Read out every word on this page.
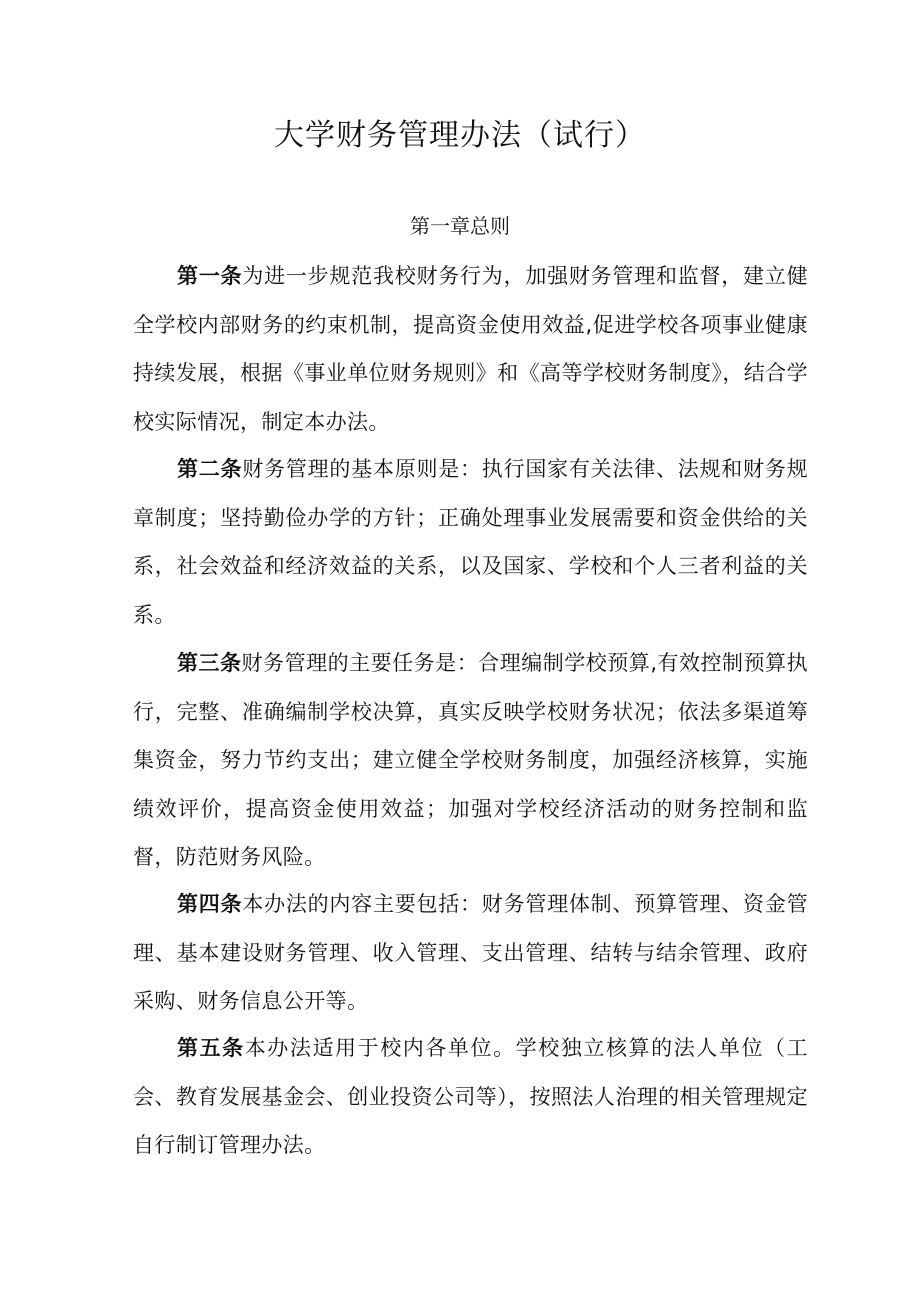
大学财务管理办法（试行）

第一章总则

第一条为进一步规范我校财务行为，加强财务管理和监督，建立健全学校内部财务的约束机制，提高资金使用效益,促进学校各项事业健康持续发展，根据《事业单位财务规则》和《高等学校财务制度》，结合学校实际情况，制定本办法。

第二条财务管理的基本原则是：执行国家有关法律、法规和财务规章制度；坚持勤俭办学的方针；正确处理事业发展需要和资金供给的关系，社会效益和经济效益的关系，以及国家、学校和个人三者利益的关系。

第三条财务管理的主要任务是：合理编制学校预算,有效控制预算执行，完整、准确编制学校决算，真实反映学校财务状况；依法多渠道筹集资金，努力节约支出；建立健全学校财务制度，加强经济核算，实施绩效评价，提高资金使用效益；加强对学校经济活动的财务控制和监督，防范财务风险。

第四条本办法的内容主要包括：财务管理体制、预算管理、资金管理、基本建设财务管理、收入管理、支出管理、结转与结余管理、政府采购、财务信息公开等。

第五条本办法适用于校内各单位。学校独立核算的法人单位（工会、教育发展基金会、创业投资公司等），按照法人治理的相关管理规定自行制订管理办法。
